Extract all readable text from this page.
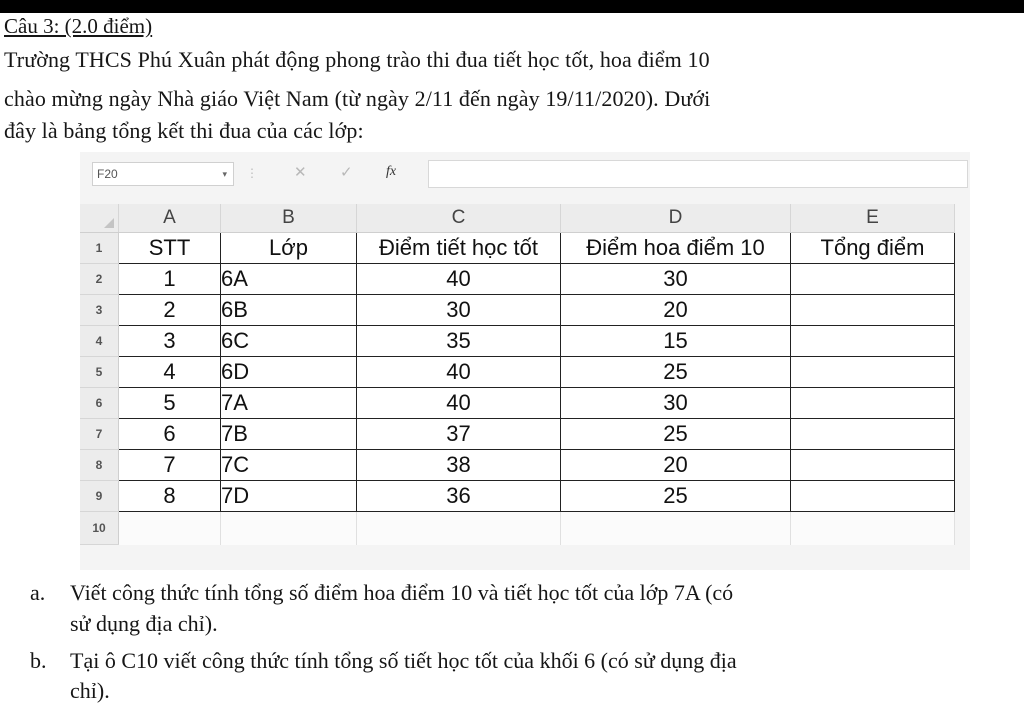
Câu 3: (2.0 điểm)
Trường THCS Phú Xuân phát động phong trào thi đua tiết học tốt, hoa điểm 10
chào mừng ngày Nhà giáo Việt Nam (từ ngày 2/11 đến ngày 19/11/2020). Dưới
đây là bảng tổng kết thi đua của các lớp:
F20	▾ ⋮ ✕ ✓ fx
	A	B	C	D	E
1	STT	Lớp	Điểm tiết học tốt	Điểm hoa điểm 10	Tổng điểm
2	1	6A	40	30	
3	2	6B	30	20	
4	3	6C	35	15	
5	4	6D	40	25	
6	5	7A	40	30	
7	6	7B	37	25	
8	7	7C	38	20	
9	8	7D	36	25	
10					
a. Viết công thức tính tổng số điểm hoa điểm 10 và tiết học tốt của lớp 7A (có
sử dụng địa chỉ).
b. Tại ô C10 viết công thức tính tổng số tiết học tốt của khối 6 (có sử dụng địa
chỉ).
